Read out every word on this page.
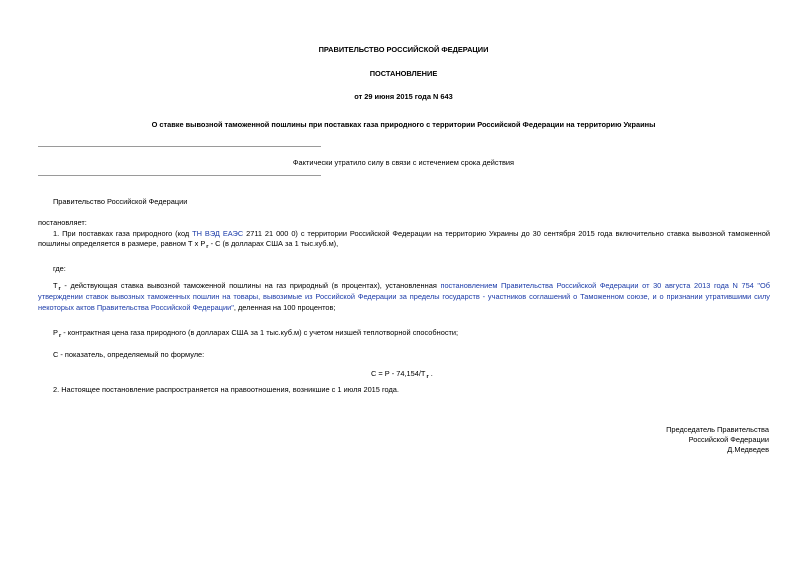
ПРАВИТЕЛЬСТВО РОССИЙСКОЙ ФЕДЕРАЦИИ
ПОСТАНОВЛЕНИЕ
от 29 июня 2015 года N 643
О ставке вывозной таможенной пошлины при поставках газа природного с территории Российской Федерации на территорию Украины
Фактически утратило силу в связи с истечением срока действия
Правительство Российской Федерации
постановляет:
1. При поставках газа природного (код ТН ВЭД ЕАЭС 2711 21 000 0) с территории Российской Федерации на территорию Украины до 30 сентября 2015 года включительно ставка вывозной таможенной пошлины определяется в размере, равном Т x $Р_г$ - С (в долларах США за 1 тыс.куб.м),
где:
$Т_г$ - действующая ставка вывозной таможенной пошлины на газ природный (в процентах), установленная постановлением Правительства Российской Федерации от 30 августа 2013 года N 754 "Об утверждении ставок вывозных таможенных пошлин на товары, вывозимые из Российской Федерации за пределы государств - участников соглашений о Таможенном союзе, и о признании утратившими силу некоторых актов Правительства Российской Федерации", деленная на 100 процентов;
$Р_г$ - контрактная цена газа природного (в долларах США за 1 тыс.куб.м) с учетом низшей теплотворной способности;
С - показатель, определяемый по формуле:
$С = Р - 74,154/Т_г$ .
2. Настоящее постановление распространяется на правоотношения, возникшие с 1 июля 2015 года.
Председатель Правительства
Российской Федерации
Д.Медведев
